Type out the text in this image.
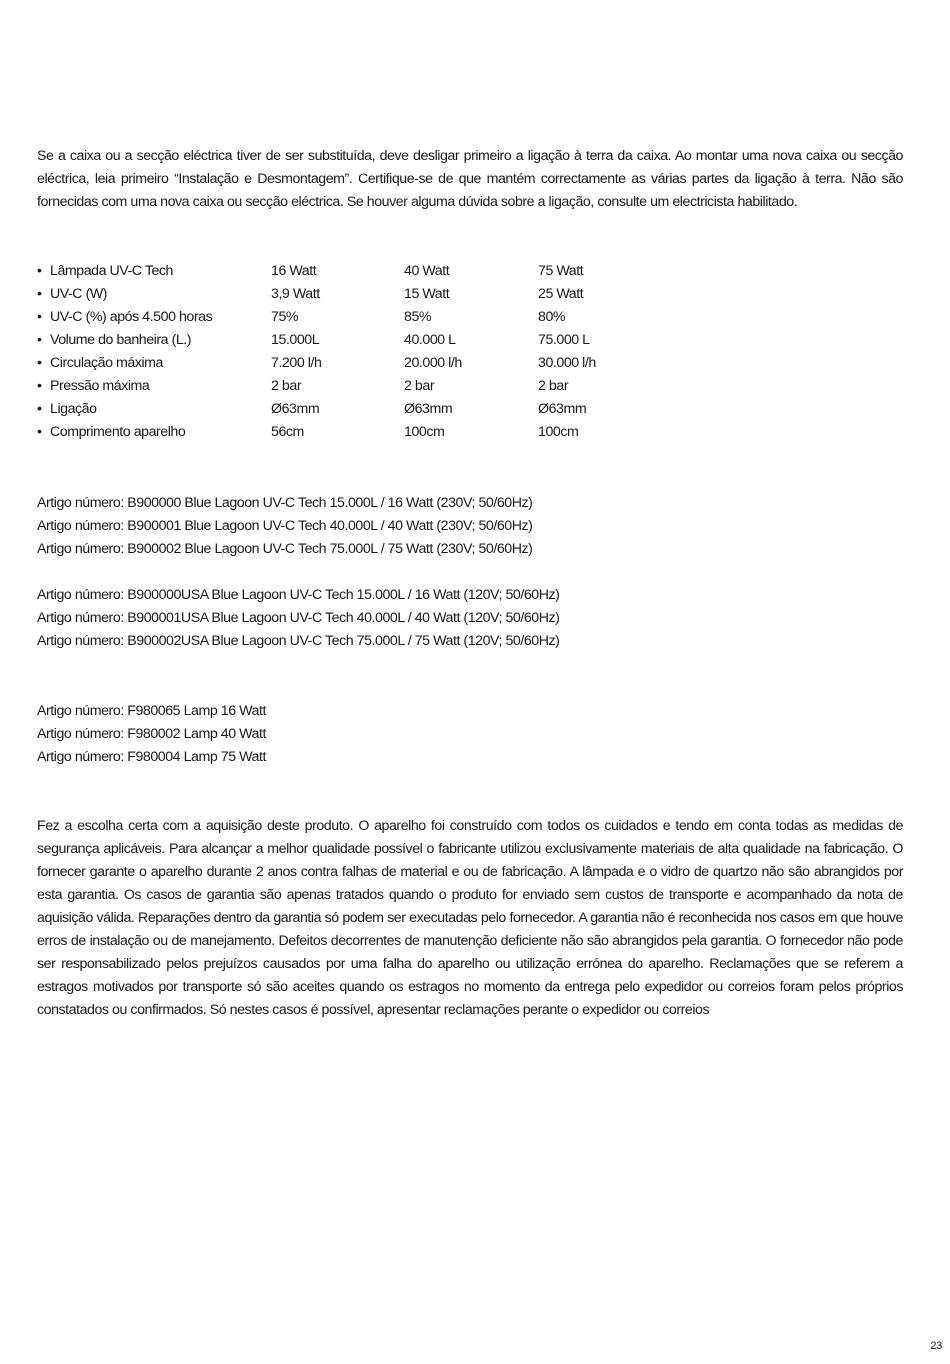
Se a caixa ou a secção eléctrica tiver de ser substituída, deve desligar primeiro a ligação à terra da caixa. Ao montar uma nova caixa ou secção eléctrica, leia primeiro “Instalação e Desmontagem”. Certifique-se de que mantém correctamente as várias partes da ligação à terra. Não são fornecidas com uma nova caixa ou secção eléctrica. Se houver alguma dúvida sobre a ligação, consulte um electricista habilitado.

• Lâmpada UV-C Tech	16 Watt	40 Watt	75 Watt
• UV-C (W)	3,9 Watt	15 Watt	25 Watt
• UV-C (%) após 4.500 horas	75%	85%	80%
• Volume do banheira (L.)	15.000L	40.000 L	75.000 L
• Circulação máxima	7.200 l/h	20.000 l/h	30.000 l/h
• Pressão máxima	2 bar	2 bar	2 bar
• Ligação	Ø63mm	Ø63mm	Ø63mm
• Comprimento aparelho	56cm	100cm	100cm
Artigo número: B900000 Blue Lagoon UV-C Tech 15.000L / 16 Watt (230V; 50/60Hz)
Artigo número: B900001 Blue Lagoon UV-C Tech 40.000L / 40 Watt (230V; 50/60Hz)
Artigo número: B900002 Blue Lagoon UV-C Tech 75.000L / 75 Watt (230V; 50/60Hz)
Artigo número: B900000USA Blue Lagoon UV-C Tech 15.000L / 16 Watt (120V; 50/60Hz)
Artigo número: B900001USA Blue Lagoon UV-C Tech 40.000L / 40 Watt (120V; 50/60Hz)
Artigo número: B900002USA Blue Lagoon UV-C Tech 75.000L / 75 Watt (120V; 50/60Hz)
Artigo número: F980065 Lamp 16 Watt
Artigo número: F980002 Lamp 40 Watt
Artigo número: F980004 Lamp 75 Watt

Fez a escolha certa com a aquisição deste produto. O aparelho foi construído com todos os cuidados e tendo em conta todas as medidas de segurança aplicáveis. Para alcançar a melhor qualidade possível o fabricante utilizou exclusivamente materiais de alta qualidade na fabricação. O fornecer garante o aparelho durante 2 anos contra falhas de material e ou de fabricação. A lâmpada e o vidro de quartzo não são abrangidos por esta garantia. Os casos de garantia são apenas tratados quando o produto for enviado sem custos de transporte e acompanhado da nota de aquisição válida. Reparações dentro da garantia só podem ser executadas pelo fornecedor. A garantia não é reconhecida nos casos em que houve erros de instalação ou de manejamento. Defeitos decorrentes de manutenção deficiente não são abrangidos pela garantia. O fornecedor não pode ser responsabilizado pelos prejuízos causados por uma falha do aparelho ou utilização errónea do aparelho. Reclamações que se referem a estragos motivados por transporte só são aceites quando os estragos no momento da entrega pelo expedidor ou correios foram pelos próprios constatados ou confirmados. Só nestes casos é possível, apresentar reclamações perante o expedidor ou correios

23
